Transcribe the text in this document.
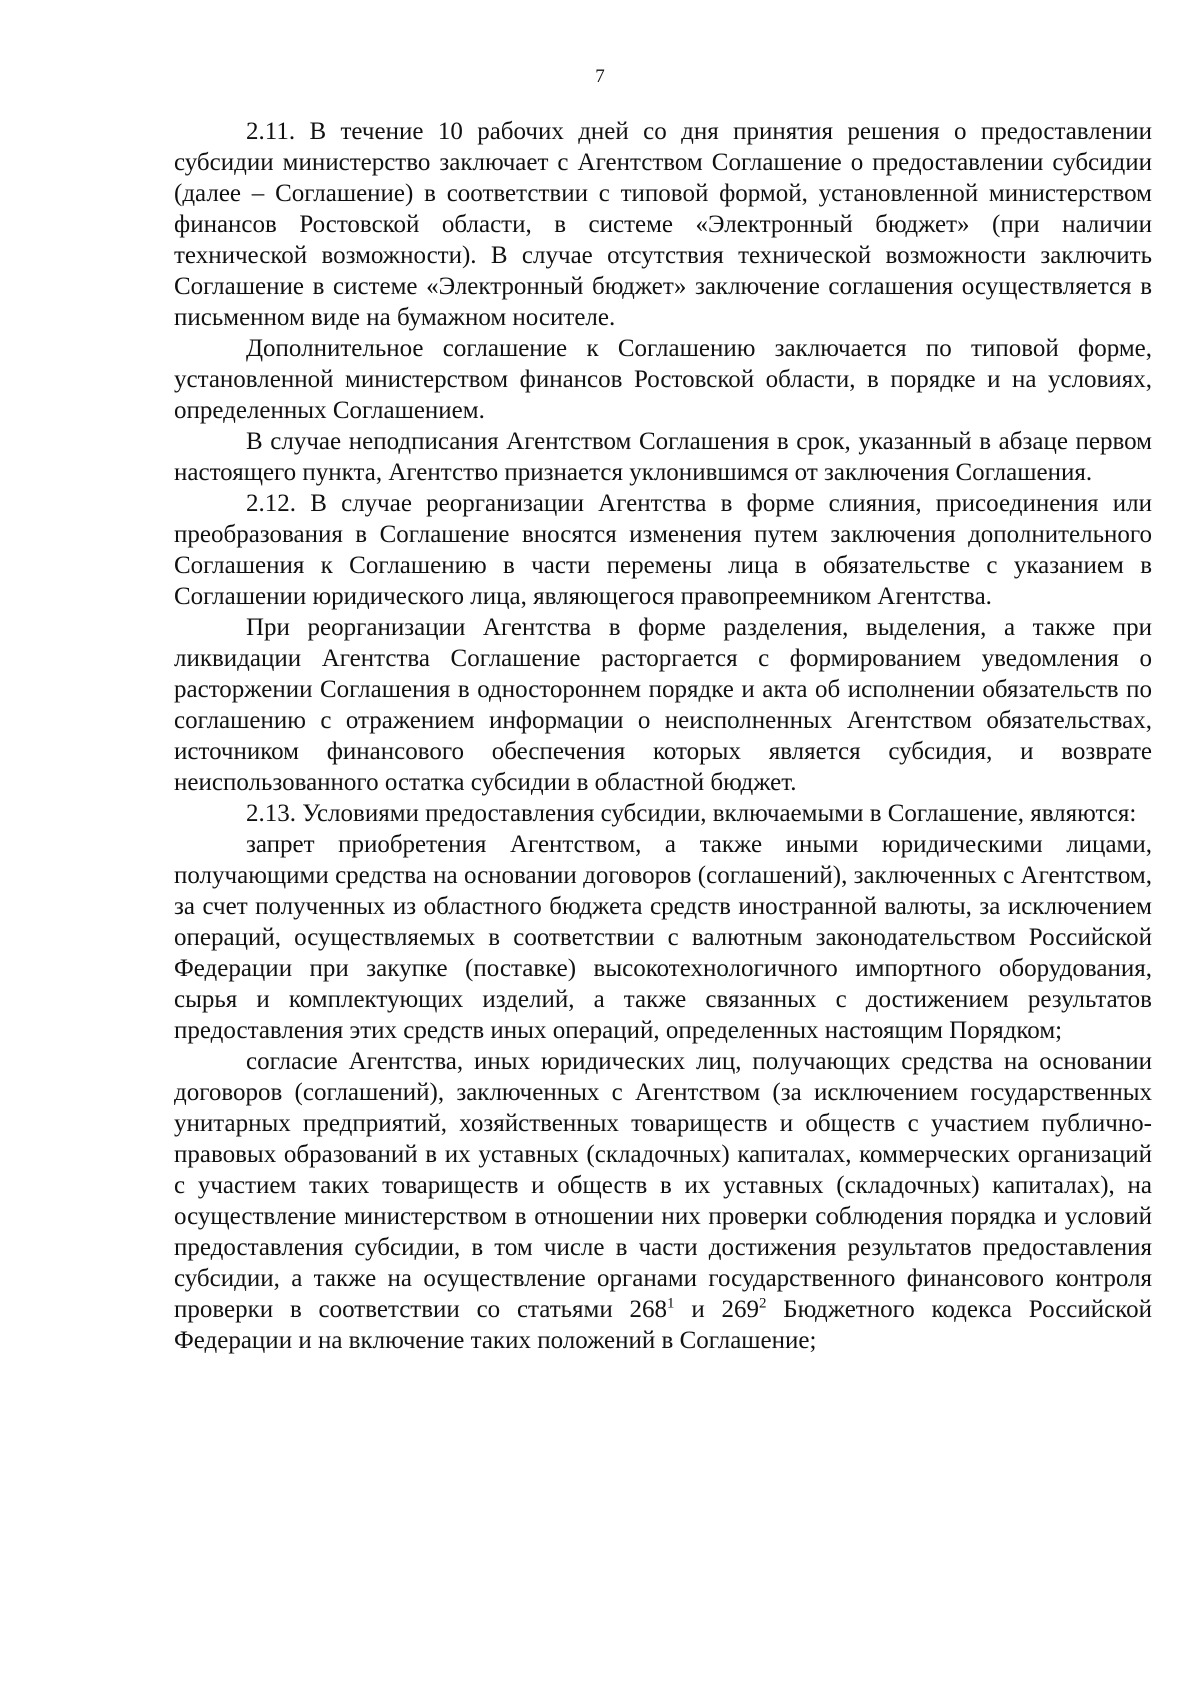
7

2.11. В течение 10 рабочих дней со дня принятия решения о предоставлении субсидии министерство заключает с Агентством Соглашение о предоставлении субсидии (далее – Соглашение) в соответствии с типовой формой, установленной министерством финансов Ростовской области, в системе «Электронный бюджет» (при наличии технической возможности). В случае отсутствия технической возможности заключить Соглашение в системе «Электронный бюджет» заключение соглашения осуществляется в письменном виде на бумажном носителе.

Дополнительное соглашение к Соглашению заключается по типовой форме, установленной министерством финансов Ростовской области, в порядке и на условиях, определенных Соглашением.

В случае неподписания Агентством Соглашения в срок, указанный в абзаце первом настоящего пункта, Агентство признается уклонившимся от заключения Соглашения.

2.12. В случае реорганизации Агентства в форме слияния, присоединения или преобразования в Соглашение вносятся изменения путем заключения дополнительного Соглашения к Соглашению в части перемены лица в обязательстве с указанием в Соглашении юридического лица, являющегося правопреемником Агентства.

При реорганизации Агентства в форме разделения, выделения, а также при ликвидации Агентства Соглашение расторгается с формированием уведомления о расторжении Соглашения в одностороннем порядке и акта об исполнении обязательств по соглашению с отражением информации о неисполненных Агентством обязательствах, источником финансового обеспечения которых является субсидия, и возврате неиспользованного остатка субсидии в областной бюджет.

2.13. Условиями предоставления субсидии, включаемыми в Соглашение, являются:

запрет приобретения Агентством, а также иными юридическими лицами, получающими средства на основании договоров (соглашений), заключенных с Агентством, за счет полученных из областного бюджета средств иностранной валюты, за исключением операций, осуществляемых в соответствии с валютным законодательством Российской Федерации при закупке (поставке) высокотехнологичного импортного оборудования, сырья и комплектующих изделий, а также связанных с достижением результатов предоставления этих средств иных операций, определенных настоящим Порядком;

согласие Агентства, иных юридических лиц, получающих средства на основании договоров (соглашений), заключенных с Агентством (за исключением государственных унитарных предприятий, хозяйственных товариществ и обществ с участием публично-правовых образований в их уставных (складочных) капиталах, коммерческих организаций с участием таких товариществ и обществ в их уставных (складочных) капиталах), на осуществление министерством в отношении них проверки соблюдения порядка и условий предоставления субсидии, в том числе в части достижения результатов предоставления субсидии, а также на осуществление органами государственного финансового контроля проверки в соответствии со статьями $268^1$ и $269^2$ Бюджетного кодекса Российской Федерации и на включение таких положений в Соглашение;
